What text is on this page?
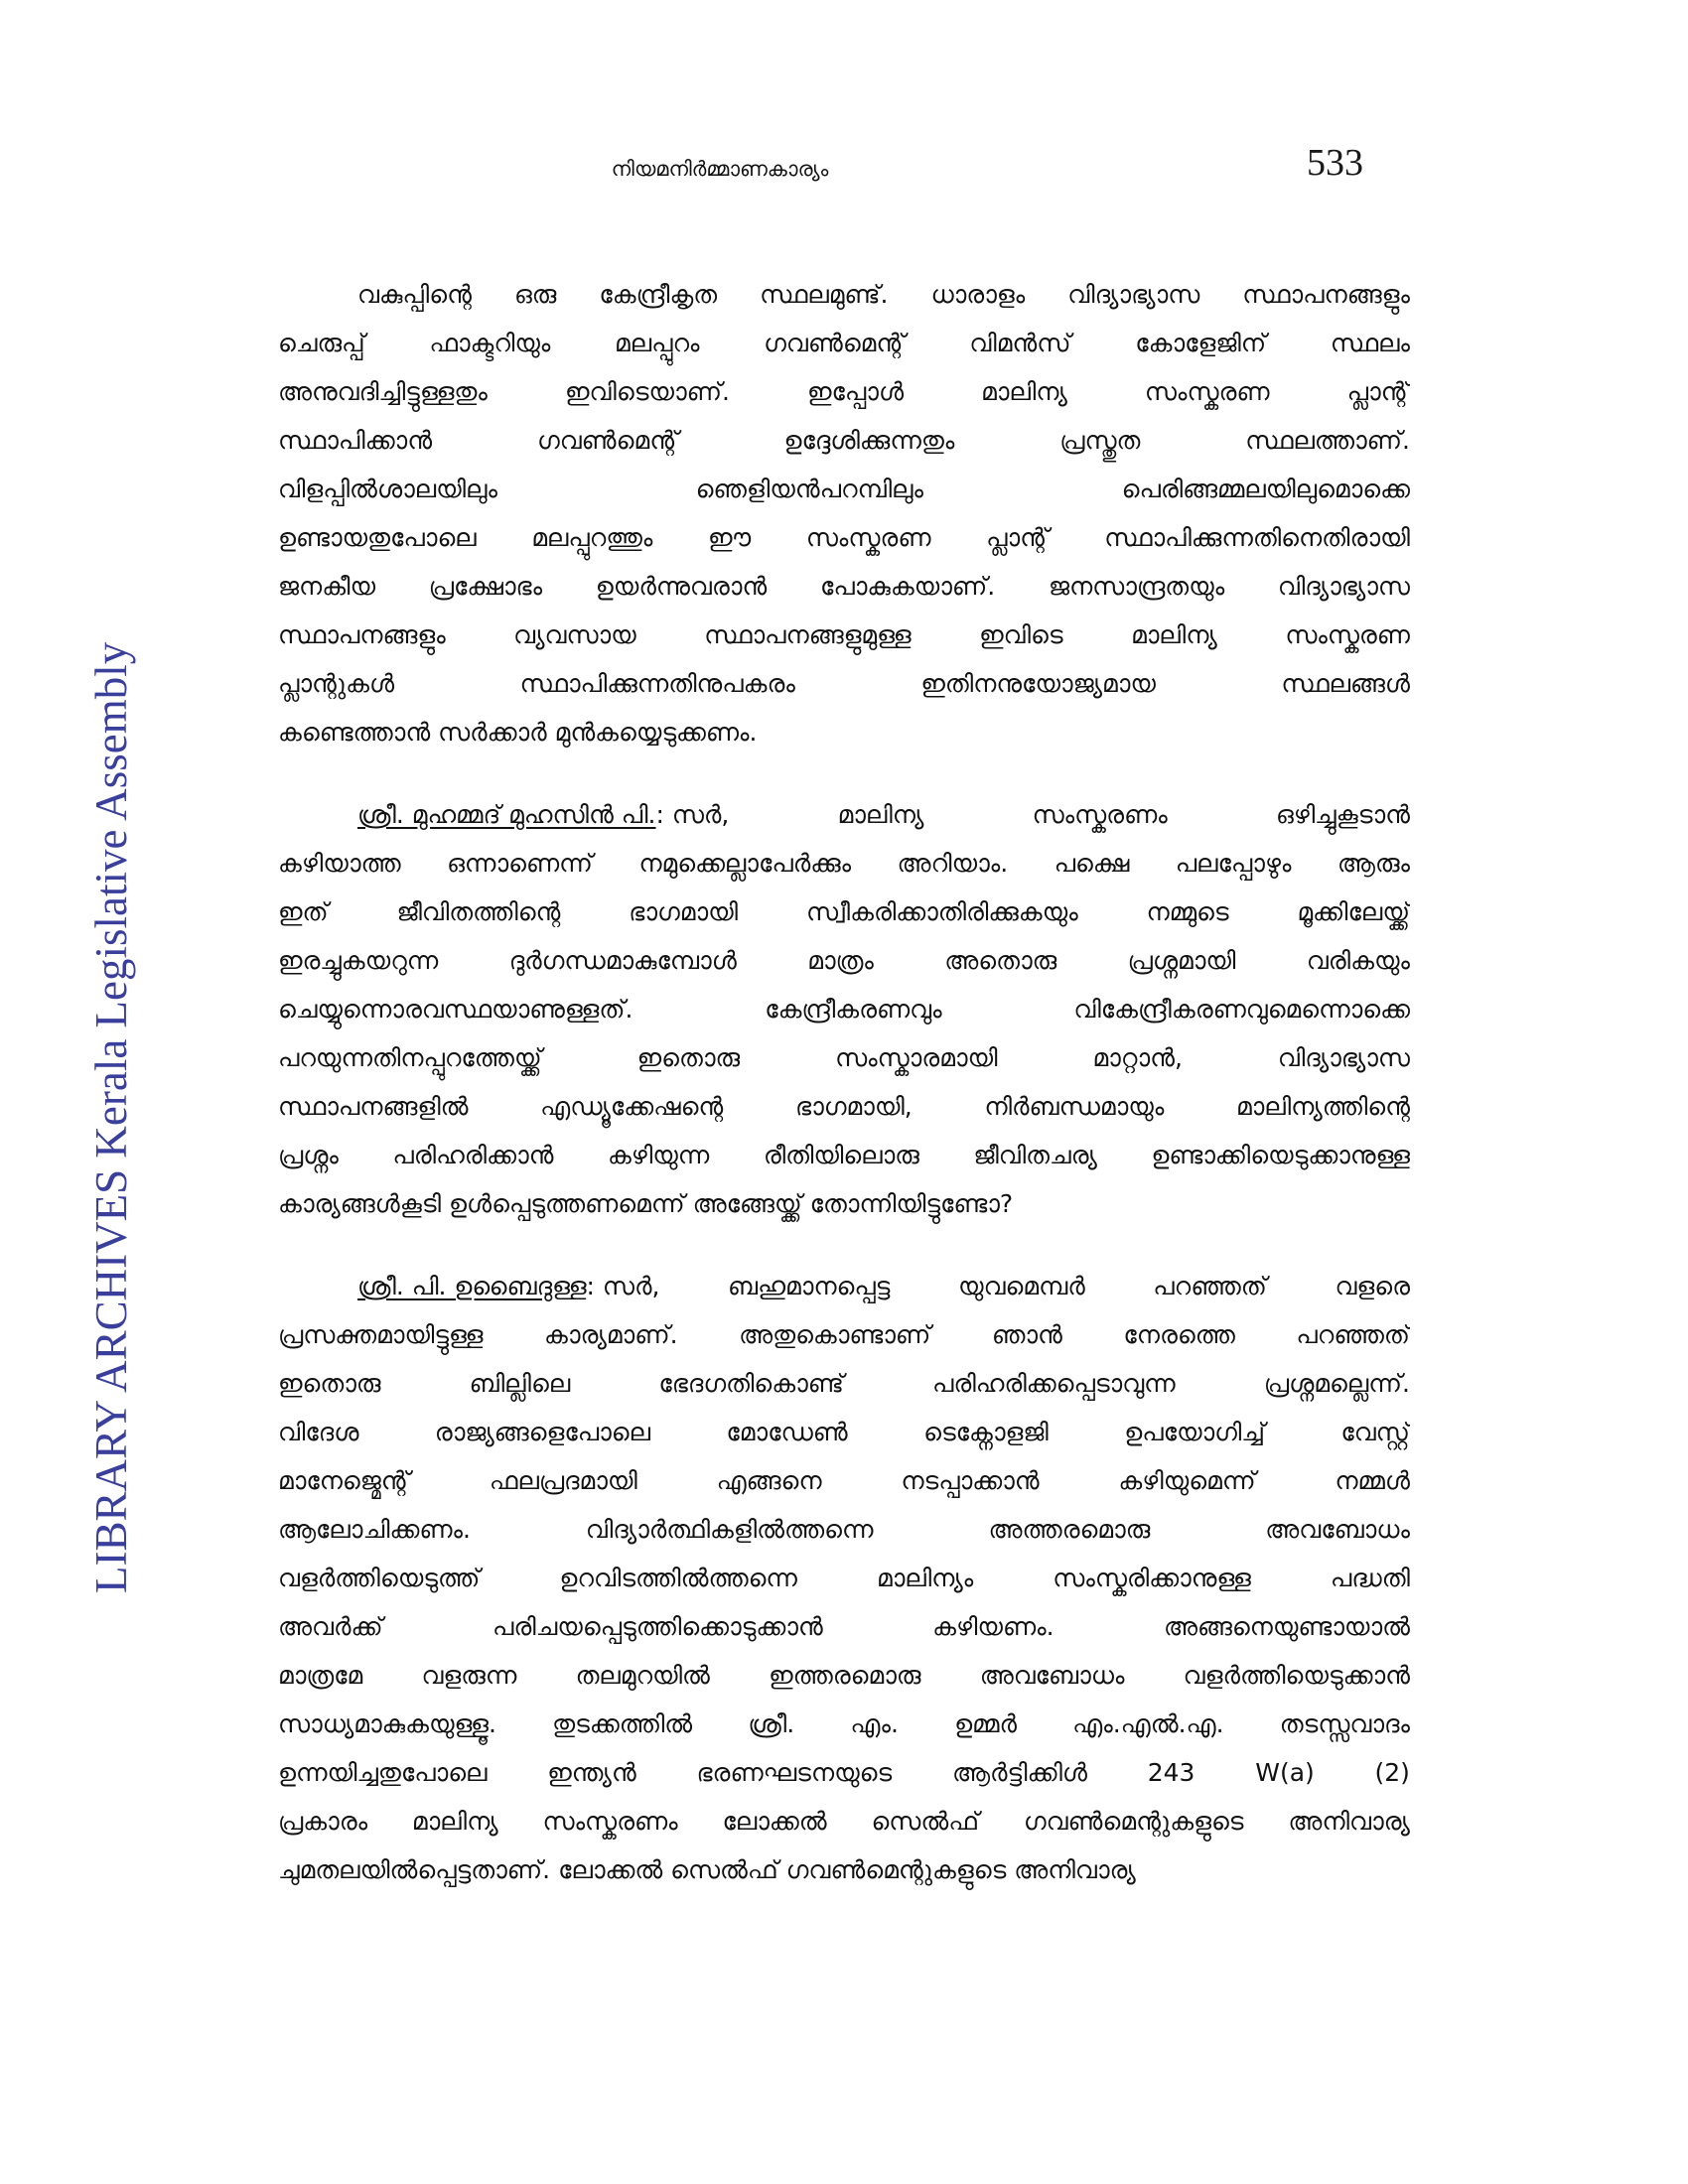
നിയമനിർമ്മാണകാര്യം	533
LIBRARY ARCHIVES Kerala Legislative Assembly
വകുപ്പിന്റെ ഒരു കേന്ദ്രീകൃത സ്ഥലമുണ്ട്. ധാരാളം വിദ്യാഭ്യാസ സ്ഥാപനങ്ങളും
ചെരുപ്പ്	ഫാക്ടറിയും	മലപ്പുറം	ഗവൺമെന്റ്	വിമൻസ്	കോളേജിന്	സ്ഥലം
അനുവദിച്ചിട്ടുള്ളതും	ഇവിടെയാണ്.	ഇപ്പോൾ	മാലിന്യ	സംസ്കരണ	പ്ലാന്റ്
സ്ഥാപിക്കാൻ	ഗവൺമെന്റ്	ഉദ്ദേശിക്കുന്നതും	പ്രസ്തുത	സ്ഥലത്താണ്.
വിളപ്പിൽശാലയിലും	ഞെളിയൻപറമ്പിലും	പെരിങ്ങമ്മലയിലുമൊക്കെ
ഉണ്ടായതുപോലെ മലപ്പുറത്തും ഈ സംസ്കരണ പ്ലാന്റ് സ്ഥാപിക്കുന്നതിനെതിരായി
ജനകീയ പ്രക്ഷോഭം ഉയർന്നുവരാൻ പോകുകയാണ്. ജനസാന്ദ്രതയും വിദ്യാഭ്യാസ
സ്ഥാപനങ്ങളും	വ്യവസായ	സ്ഥാപനങ്ങളുമുള്ള	ഇവിടെ	മാലിന്യ	സംസ്കരണ
പ്ലാന്റുകൾ	സ്ഥാപിക്കുന്നതിനുപകരം	ഇതിനനുയോജ്യമായ	സ്ഥലങ്ങൾ
കണ്ടെത്താൻ സർക്കാർ മുൻകയ്യെടുക്കണം.
ശ്രീ. മുഹമ്മദ് മുഹസിൻ പി.: സർ,	മാലിന്യ	സംസ്കരണം	ഒഴിച്ചുകൂടാൻ
കഴിയാത്ത ഒന്നാണെന്ന് നമുക്കെല്ലാപേർക്കും അറിയാം. പക്ഷെ പലപ്പോഴും ആരും
ഇത്	ജീവിതത്തിന്റെ	ഭാഗമായി	സ്വീകരിക്കാതിരിക്കുകയും	നമ്മുടെ	മൂക്കിലേയ്ക്ക്
ഇരച്ചുകയറുന്ന	ദുർഗന്ധമാകുമ്പോൾ	മാത്രം	അതൊരു	പ്രശ്നമായി	വരികയും
ചെയ്യുന്നൊരവസ്ഥയാണുള്ളത്.	കേന്ദ്രീകരണവും	വികേന്ദ്രീകരണവുമെന്നൊക്കെ
പറയുന്നതിനപ്പുറത്തേയ്ക്ക്	ഇതൊരു	സംസ്കാരമായി	മാറ്റാൻ,	വിദ്യാഭ്യാസ
സ്ഥാപനങ്ങളിൽ	എഡ്യൂക്കേഷന്റെ	ഭാഗമായി,	നിർബന്ധമായും	മാലിന്യത്തിന്റെ
പ്രശ്നം പരിഹരിക്കാൻ കഴിയുന്ന രീതിയിലൊരു ജീവിതചര്യ ഉണ്ടാക്കിയെടുക്കാനുള്ള
കാര്യങ്ങൾകൂടി ഉൾപ്പെടുത്തണമെന്ന് അങ്ങേയ്ക്ക് തോന്നിയിട്ടുണ്ടോ?
ശ്രീ. പി. ഉബൈദുള്ള: സർ,	ബഹുമാനപ്പെട്ട	യുവമെമ്പർ	പറഞ്ഞത്	വളരെ
പ്രസക്തമായിട്ടുള്ള കാര്യമാണ്. അതുകൊണ്ടാണ് ഞാൻ നേരത്തെ പറഞ്ഞത്
ഇതൊരു	ബില്ലിലെ	ഭേദഗതികൊണ്ട്	പരിഹരിക്കപ്പെടാവുന്ന	പ്രശ്നമല്ലെന്ന്.
വിദേശ	രാജ്യങ്ങളെപോലെ	മോഡേൺ	ടെക്നോളജി	ഉപയോഗിച്ച്	വേസ്റ്റ്
മാനേജ്മെന്റ്	ഫലപ്രദമായി	എങ്ങനെ	നടപ്പാക്കാൻ	കഴിയുമെന്ന്	നമ്മൾ
ആലോചിക്കണം.	വിദ്യാർത്ഥികളിൽത്തന്നെ	അത്തരമൊരു	അവബോധം
വളർത്തിയെടുത്ത്	ഉറവിടത്തിൽത്തന്നെ	മാലിന്യം	സംസ്കരിക്കാനുള്ള	പദ്ധതി
അവർക്ക്	പരിചയപ്പെടുത്തിക്കൊടുക്കാൻ	കഴിയണം.	അങ്ങനെയുണ്ടായാൽ
മാത്രമേ വളരുന്ന തലമുറയിൽ ഇത്തരമൊരു അവബോധം വളർത്തിയെടുക്കാൻ
സാധ്യമാകുകയുള്ളൂ. തുടക്കത്തിൽ ശ്രീ. എം. ഉമ്മർ എം.എൽ.എ. തടസ്സവാദം
ഉന്നയിച്ചതുപോലെ ഇന്ത്യൻ ഭരണഘടനയുടെ ആർട്ടിക്കിൾ 243 W(a) (2)
പ്രകാരം മാലിന്യ സംസ്കരണം ലോക്കൽ സെൽഫ് ഗവൺമെന്റുകളുടെ അനിവാര്യ
ചുമതലയിൽപ്പെട്ടതാണ്. ലോക്കൽ സെൽഫ് ഗവൺമെന്റുകളുടെ അനിവാര്യ
